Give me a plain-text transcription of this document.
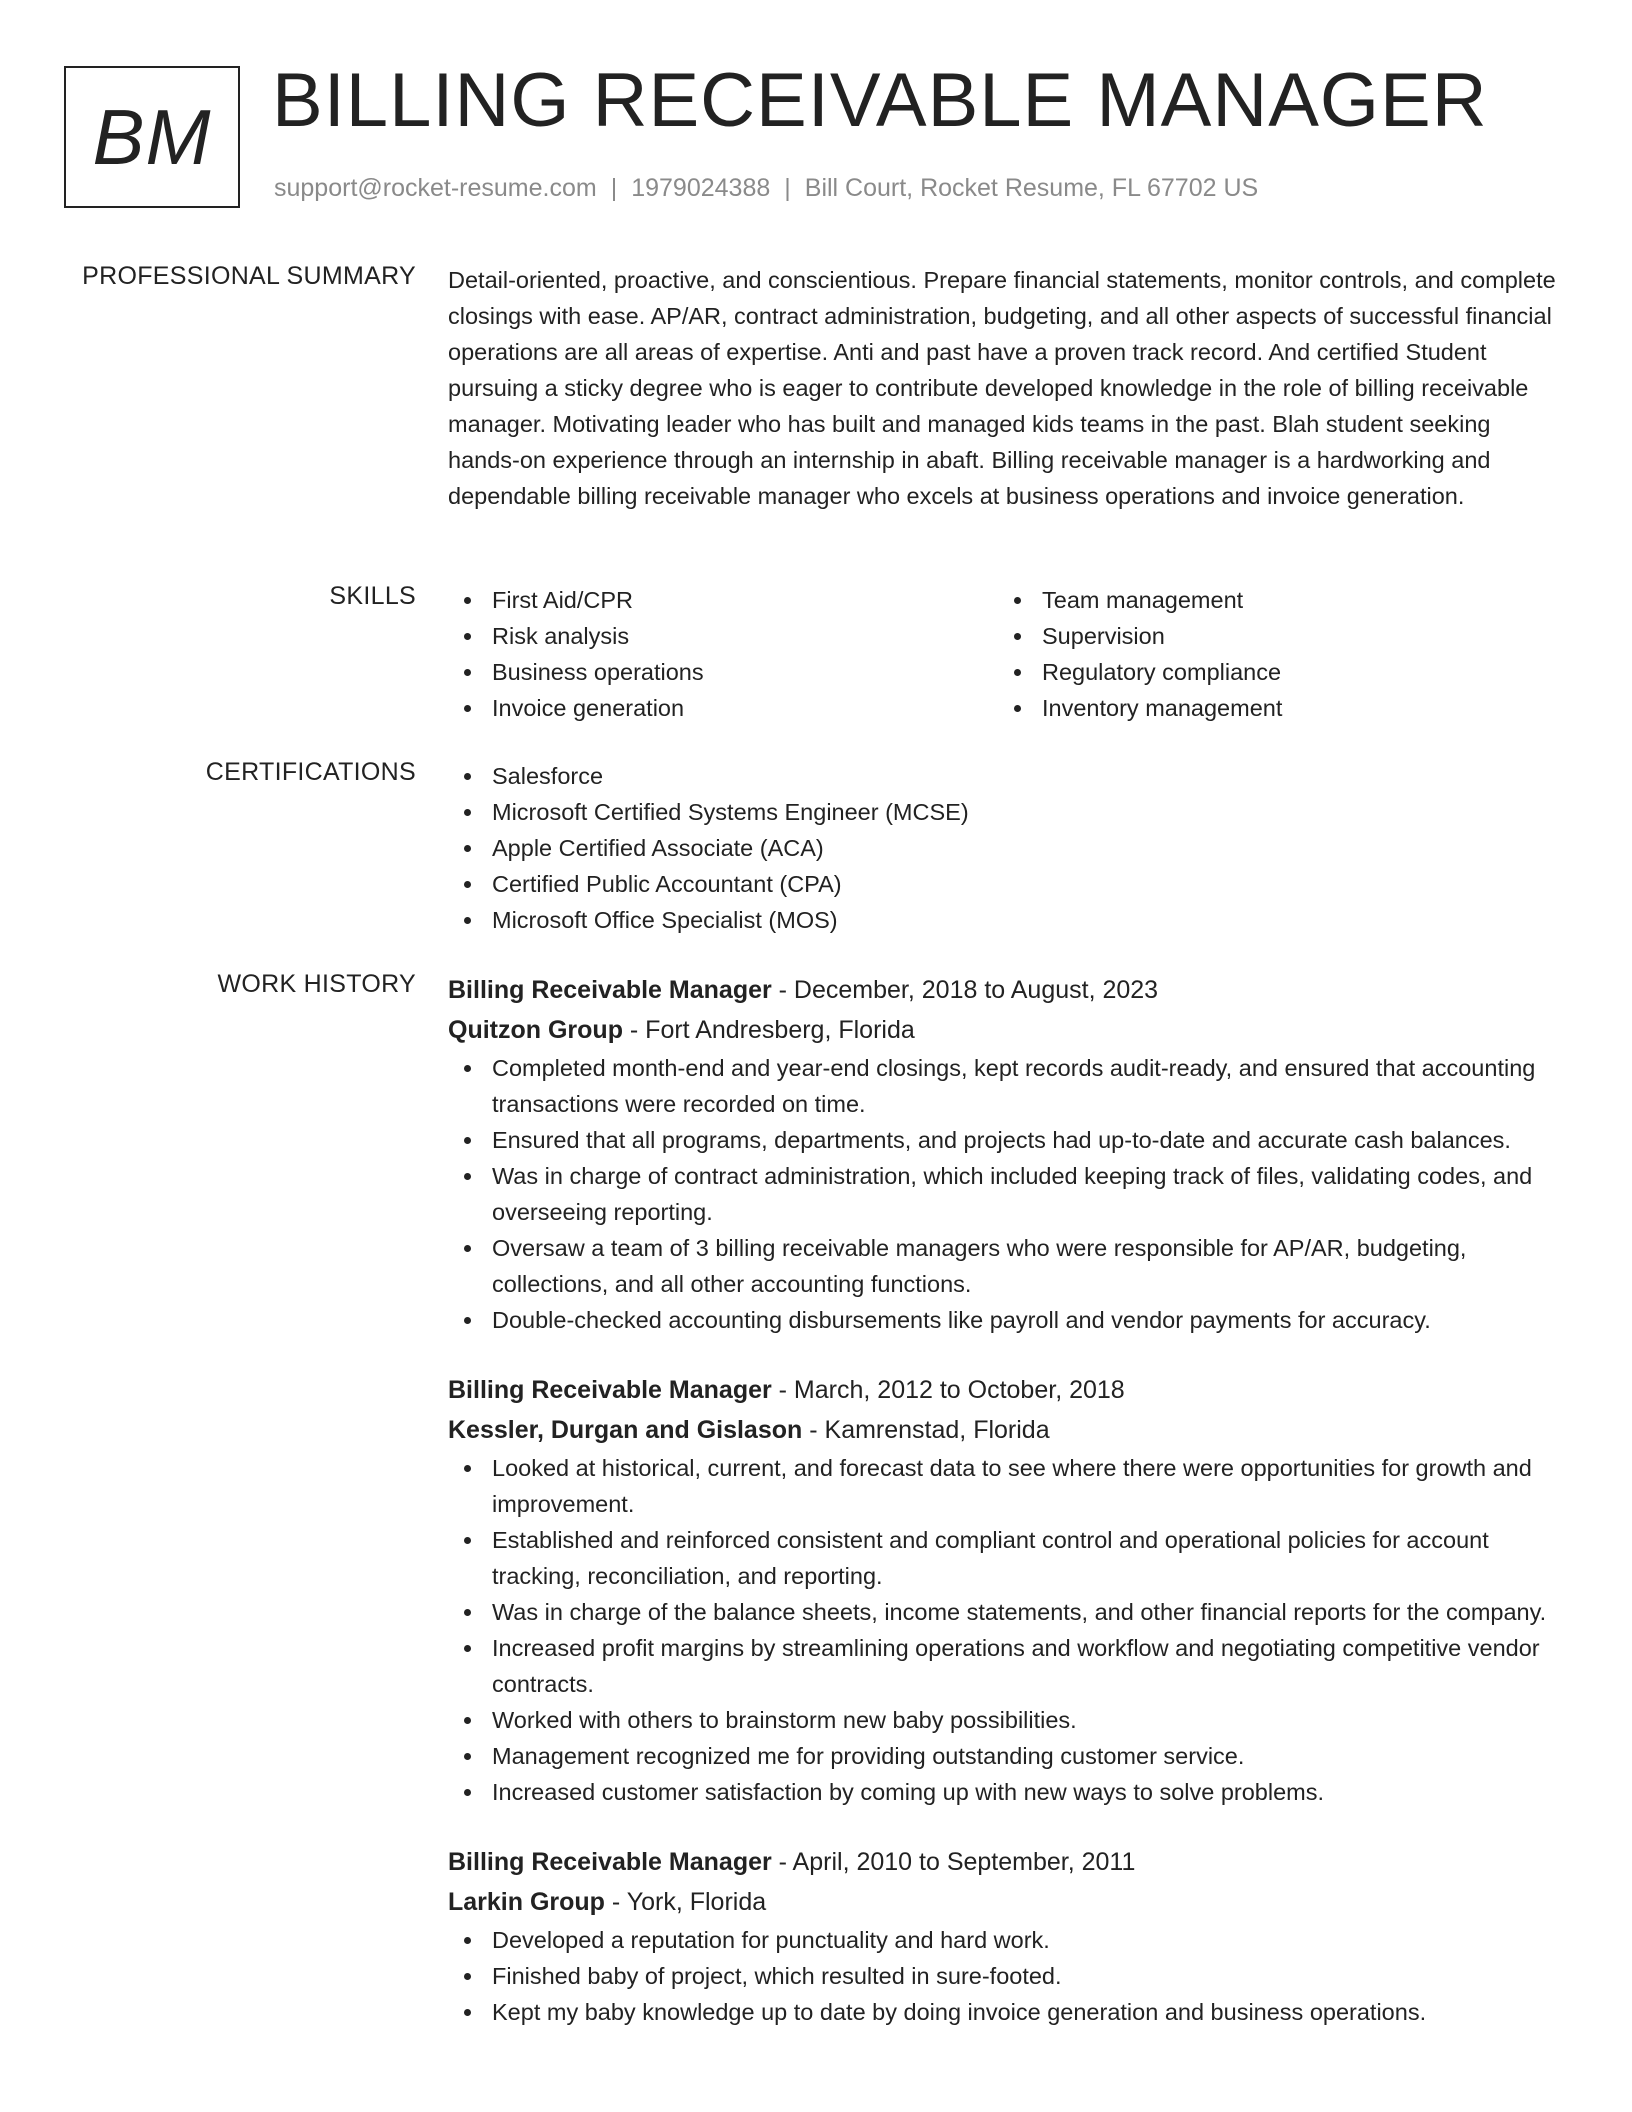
BM BILLING RECEIVABLE MANAGER
support@rocket-resume.com | 1979024388 | Bill Court, Rocket Resume, FL 67702 US
PROFESSIONAL SUMMARY Detail-oriented, proactive, and conscientious. Prepare financial statements, monitor controls, and complete closings with ease. AP/AR, contract administration, budgeting, and all other aspects of successful financial operations are all areas of expertise. Anti and past have a proven track record. And certified Student pursuing a sticky degree who is eager to contribute developed knowledge in the role of billing receivable manager. Motivating leader who has built and managed kids teams in the past. Blah student seeking hands-on experience through an internship in abaft. Billing receivable manager is a hardworking and dependable billing receivable manager who excels at business operations and invoice generation.

SKILLS	First Aid/CPR
Risk analysis
Business operations
Invoice generation
Team management
Supervision
Regulatory compliance
Inventory management
CERTIFICATIONS	Salesforce
Microsoft Certified Systems Engineer (MCSE)
Apple Certified Associate (ACA)
Certified Public Accountant (CPA)
Microsoft Office Specialist (MOS)
WORK HISTORY Billing Receivable Manager - December, 2018 to August, 2023
Quitzon Group - Fort Andresberg, Florida
Completed month-end and year-end closings, kept records audit-ready, and ensured that accounting transactions were recorded on time.
Ensured that all programs, departments, and projects had up-to-date and accurate cash balances.
Was in charge of contract administration, which included keeping track of files, validating codes, and overseeing reporting.
Oversaw a team of 3 billing receivable managers who were responsible for AP/AR, budgeting, collections, and all other accounting functions.
Double-checked accounting disbursements like payroll and vendor payments for accuracy.
Billing Receivable Manager - March, 2012 to October, 2018
Kessler, Durgan and Gislason - Kamrenstad, Florida
Looked at historical, current, and forecast data to see where there were opportunities for growth and improvement.
Established and reinforced consistent and compliant control and operational policies for account tracking, reconciliation, and reporting.
Was in charge of the balance sheets, income statements, and other financial reports for the company.
Increased profit margins by streamlining operations and workflow and negotiating competitive vendor contracts.
Worked with others to brainstorm new baby possibilities.
Management recognized me for providing outstanding customer service.
Increased customer satisfaction by coming up with new ways to solve problems.
Billing Receivable Manager - April, 2010 to September, 2011
Larkin Group - York, Florida
Developed a reputation for punctuality and hard work.
Finished baby of project, which resulted in sure-footed.
Kept my baby knowledge up to date by doing invoice generation and business operations.
